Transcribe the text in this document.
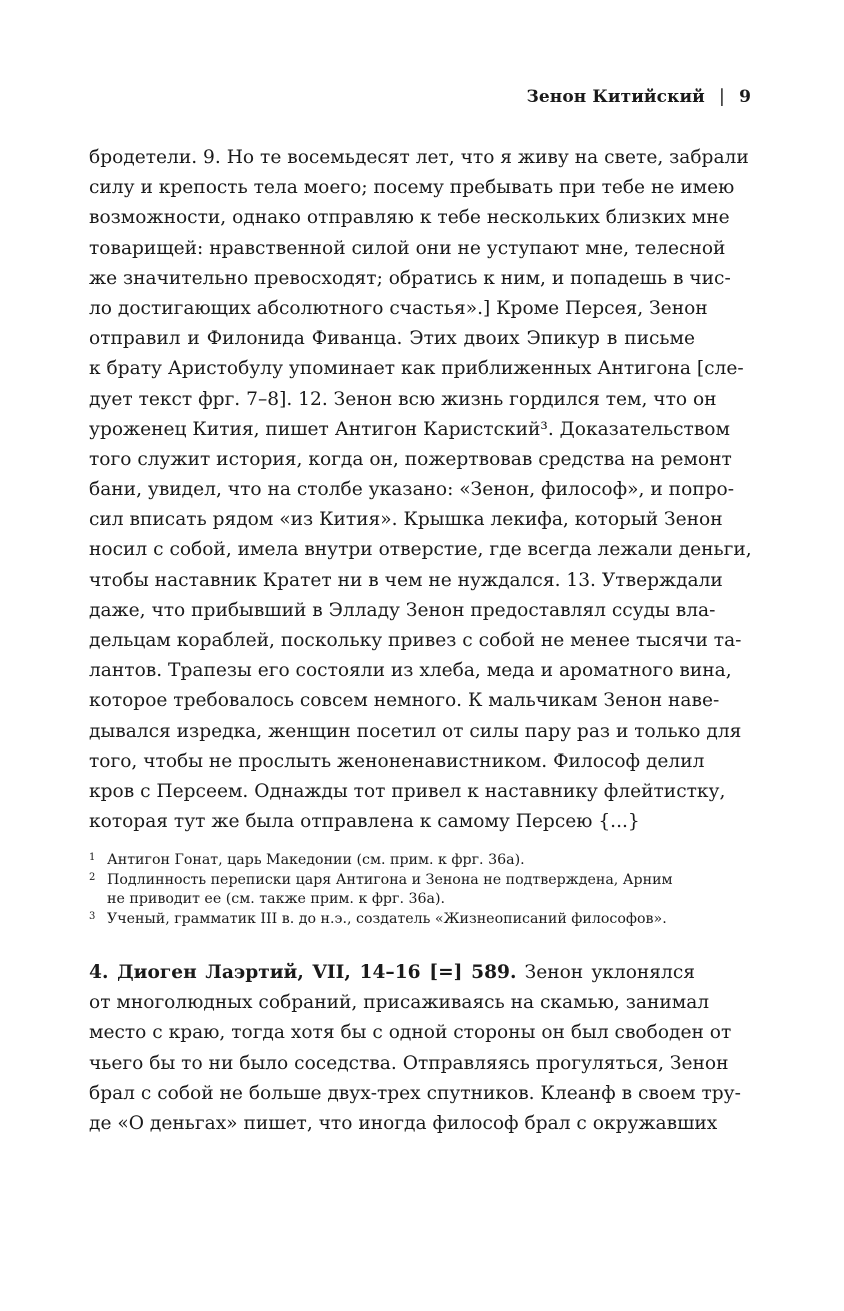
Зенон Китийский | 9
бродетели. 9. Но те восемьдесят лет, что я живу на свете, забрали
силу и крепость тела моего; посему пребывать при тебе не имею
возможности, однако отправляю к тебе нескольких близких мне
товарищей: нравственной силой они не уступают мне, телесной
же значительно превосходят; обратись к ним, и попадешь в чис-
ло достигающих абсолютного счастья».] Кроме Персея, Зенон
отправил и Филонида Фиванца. Этих двоих Эпикур в письме
к брату Аристобулу упоминает как приближенных Антигона [сле-
дует текст фрг. 7–8]. 12. Зенон всю жизнь гордился тем, что он
уроженец Кития, пишет Антигон Каристский³. Доказательством
того служит история, когда он, пожертвовав средства на ремонт
бани, увидел, что на столбе указано: «Зенон, философ», и попро-
сил вписать рядом «из Кития». Крышка лекифа, который Зенон
носил с собой, имела внутри отверстие, где всегда лежали деньги,
чтобы наставник Кратет ни в чем не нуждался. 13. Утверждали
даже, что прибывший в Элладу Зенон предоставлял ссуды вла-
дельцам кораблей, поскольку привез с собой не менее тысячи та-
лантов. Трапезы его состояли из хлеба, меда и ароматного вина,
которое требовалось совсем немного. К мальчикам Зенон наве-
дывался изредка, женщин посетил от силы пару раз и только для
того, чтобы не прослыть женоненавистником. Философ делил
кров с Персеем. Однажды тот привел к наставнику флейтистку,
которая тут же была отправлена к самому Персею {...}
1 Антигон Гонат, царь Македонии (см. прим. к фрг. 36а).
2 Подлинность переписки царя Антигона и Зенона не подтверждена, Арним
не приводит ее (см. также прим. к фрг. 36а).
3 Ученый, грамматик III в. до н.э., создатель «Жизнеописаний философов».
4. Диоген Лаэртий, VII, 14–16 [=] 589. Зенон уклонялся
от многолюдных собраний, присаживаясь на скамью, занимал
место с краю, тогда хотя бы с одной стороны он был свободен от
чьего бы то ни было соседства. Отправляясь прогуляться, Зенон
брал с собой не больше двух-трех спутников. Клеанф в своем тру-
де «О деньгах» пишет, что иногда философ брал с окружавших
